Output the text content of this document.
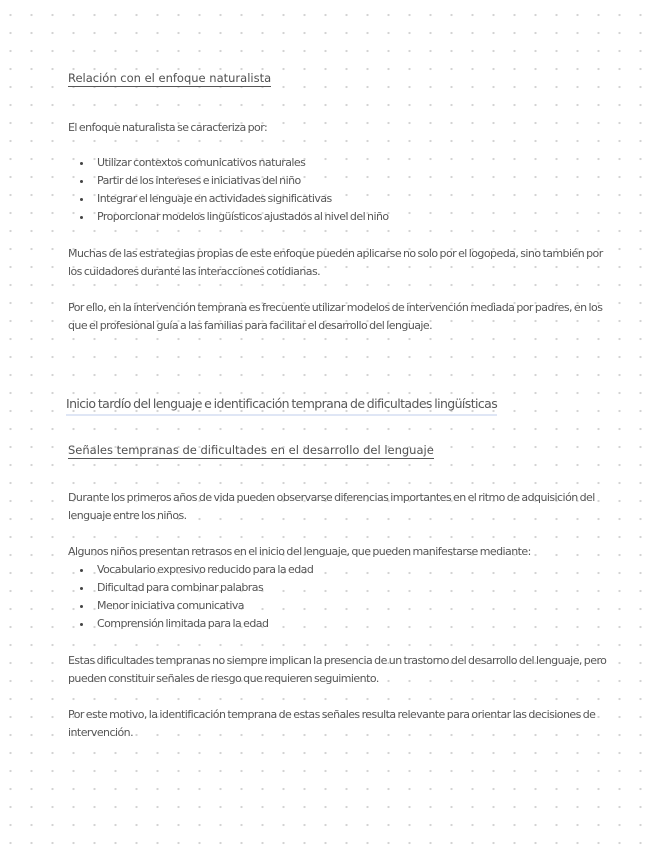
Relación con el enfoque naturalista
El enfoque naturalista se caracteriza por:
Utilizar contextos comunicativos naturales
Partir de los intereses e iniciativas del niño
Integrar el lenguaje en actividades significativas
Proporcionar modelos lingüísticos ajustados al nivel del niño
Muchas de las estrategias propias de este enfoque pueden aplicarse no solo por el logopeda, sino también por
los cuidadores durante las interacciones cotidianas.
Por ello, en la intervención temprana es frecuente utilizar modelos de intervención mediada por padres, en los
que el profesional guía a las familias para facilitar el desarrollo del lenguaje.
Inicio tardío del lenguaje e identificación temprana de dificultades lingüísticas
Señales tempranas de dificultades en el desarrollo del lenguaje
Durante los primeros años de vida pueden observarse diferencias importantes en el ritmo de adquisición del
lenguaje entre los niños.
Algunos niños presentan retrasos en el inicio del lenguaje, que pueden manifestarse mediante:
Vocabulario expresivo reducido para la edad
Dificultad para combinar palabras
Menor iniciativa comunicativa
Comprensión limitada para la edad
Estas dificultades tempranas no siempre implican la presencia de un trastorno del desarrollo del lenguaje, pero
pueden constituir señales de riesgo que requieren seguimiento.
Por este motivo, la identificación temprana de estas señales resulta relevante para orientar las decisiones de
intervención.
